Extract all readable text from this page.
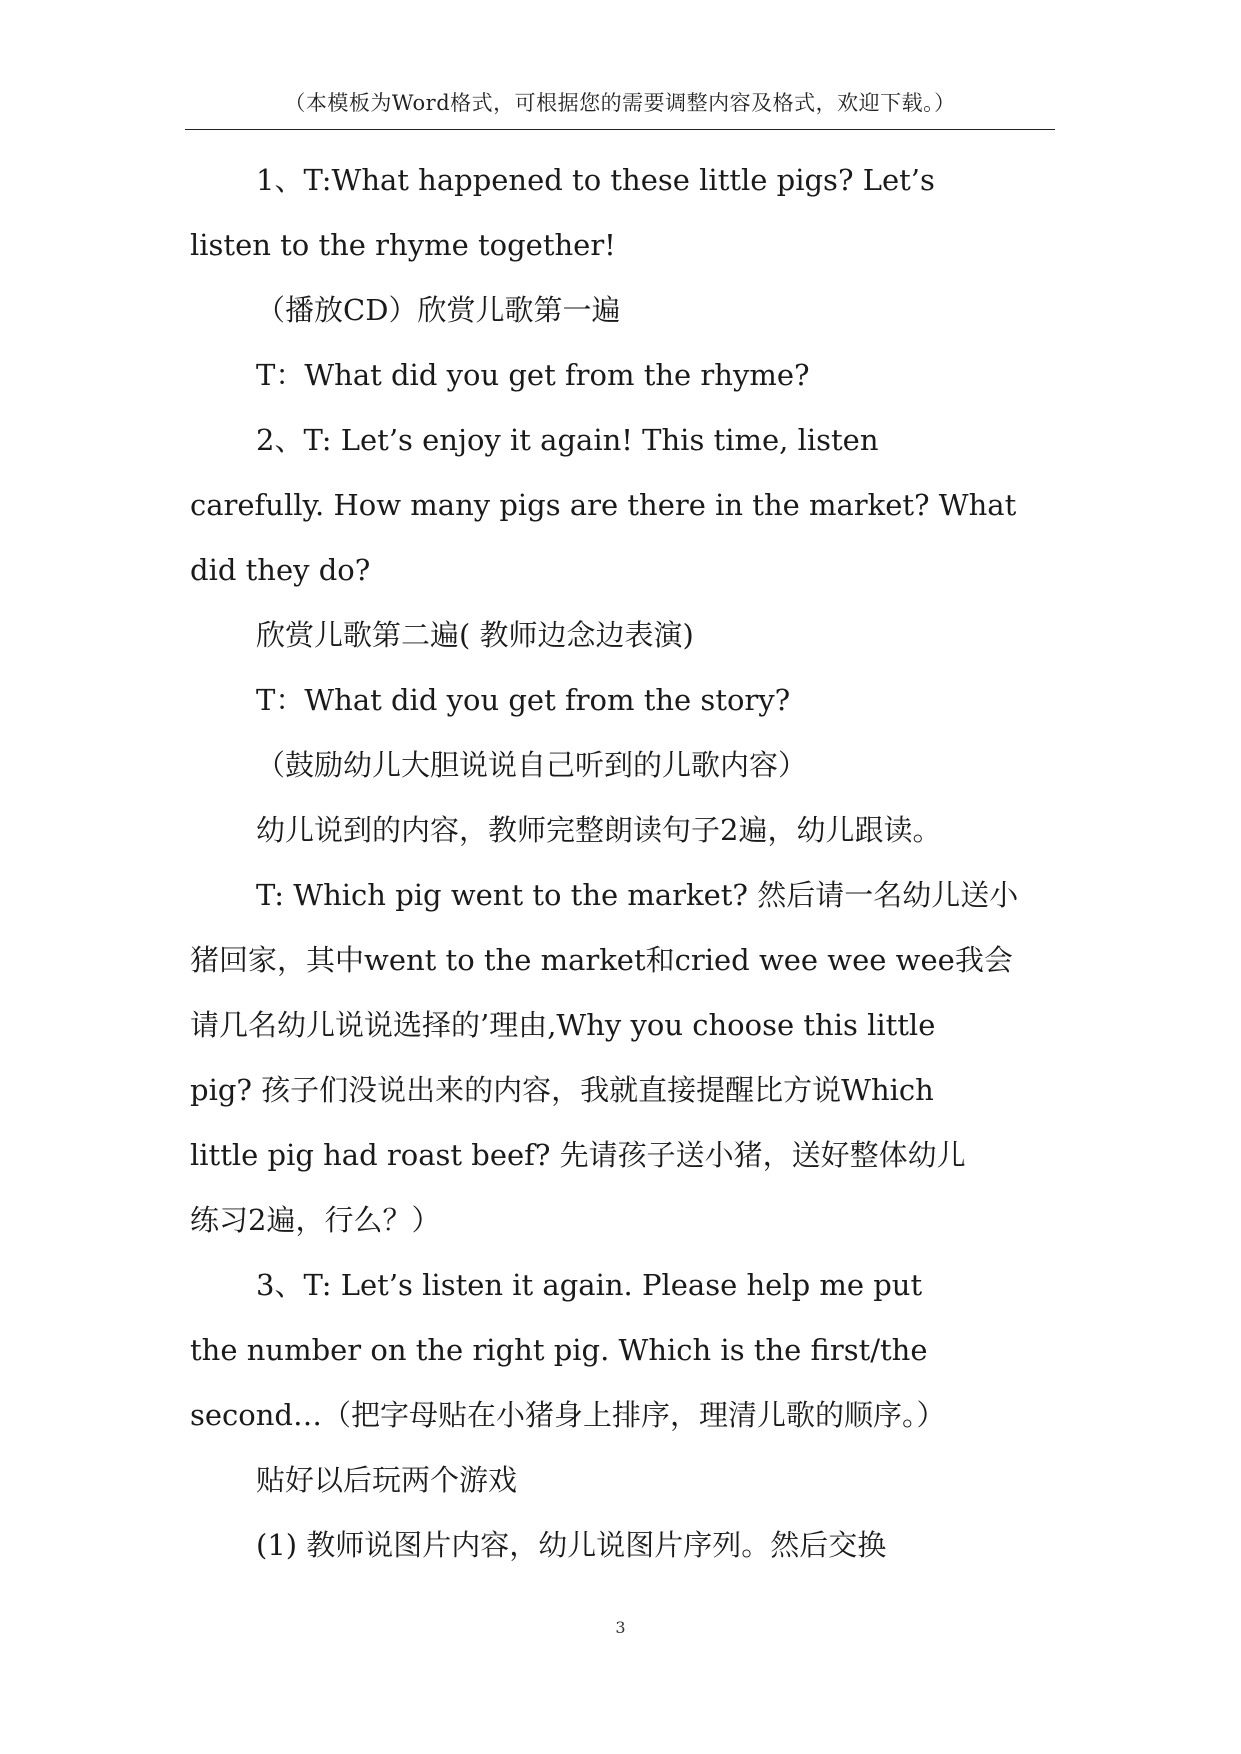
（本模板为Word格式，可根据您的需要调整内容及格式，欢迎下载。）
1、T:What happened to these little pigs? Let’s
listen to the rhyme together!
（播放CD）欣赏儿歌第一遍
T：What did you get from the rhyme?
2、T: Let’s enjoy it again! This time, listen
carefully. How many pigs are there in the market? What
did they do?
欣赏儿歌第二遍( 教师边念边表演)
T：What did you get from the story?
（鼓励幼儿大胆说说自己听到的儿歌内容）
幼儿说到的内容，教师完整朗读句子2遍，幼儿跟读。
T: Which pig went to the market? 然后请一名幼儿送小
猪回家，其中went to the market和cried wee wee wee我会
请几名幼儿说说选择的’理由,Why you choose this little
pig? 孩子们没说出来的内容，我就直接提醒比方说Which
little pig had roast beef? 先请孩子送小猪，送好整体幼儿
练习2遍，行么？）
3、T: Let’s listen it again. Please help me put
the number on the right pig. Which is the first/the
second…（把字母贴在小猪身上排序，理清儿歌的顺序。）
贴好以后玩两个游戏
(1) 教师说图片内容，幼儿说图片序列。然后交换
3
